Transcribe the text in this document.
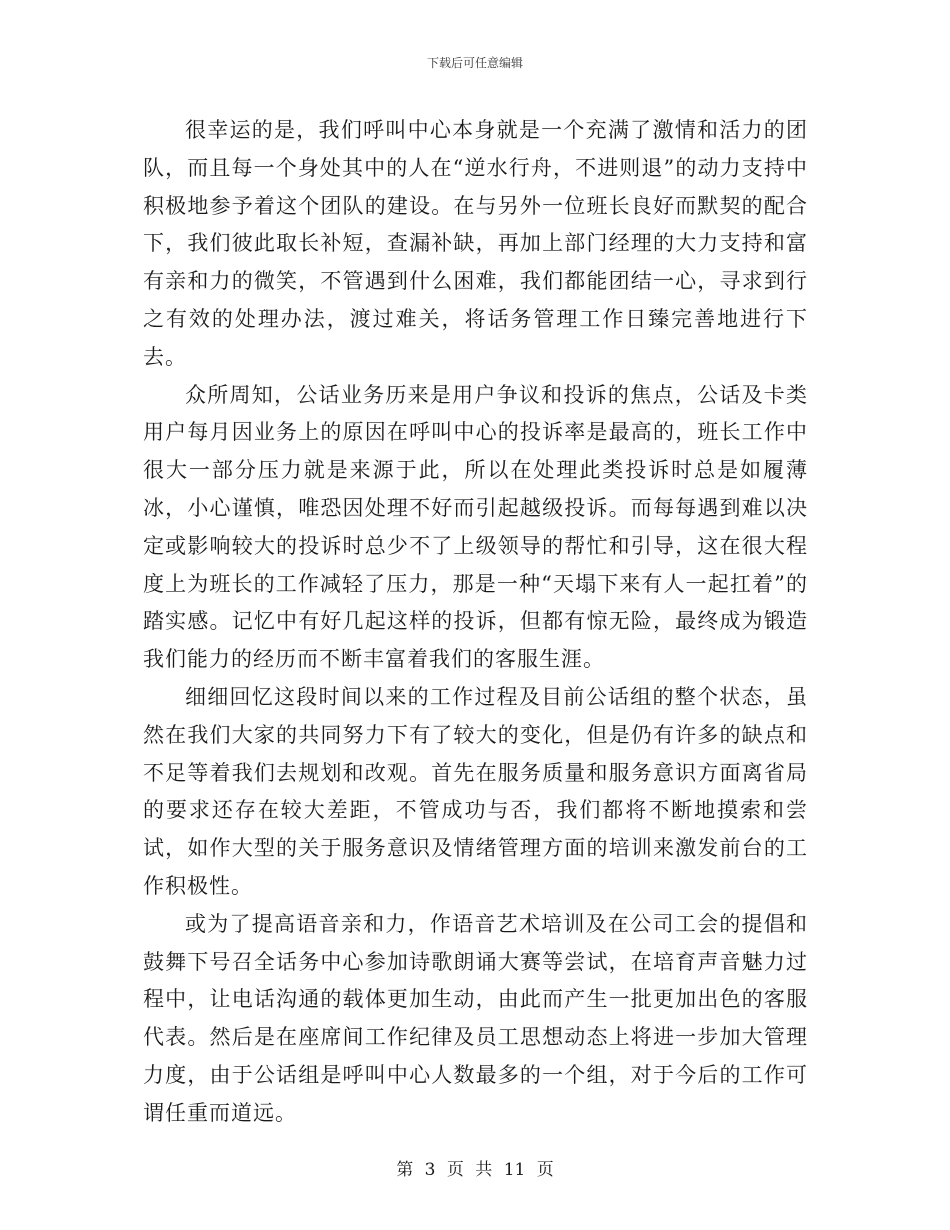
下载后可任意编辑

很幸运的是，我们呼叫中心本身就是一个充满了激情和活力的团队，而且每一个身处其中的人在“逆水行舟，不进则退”的动力支持中积极地参予着这个团队的建设。在与另外一位班长良好而默契的配合下，我们彼此取长补短，查漏补缺，再加上部门经理的大力支持和富有亲和力的微笑，不管遇到什么困难，我们都能团结一心，寻求到行之有效的处理办法，渡过难关，将话务管理工作日臻完善地进行下去。

众所周知，公话业务历来是用户争议和投诉的焦点，公话及卡类用户每月因业务上的原因在呼叫中心的投诉率是最高的，班长工作中很大一部分压力就是来源于此，所以在处理此类投诉时总是如履薄冰，小心谨慎，唯恐因处理不好而引起越级投诉。而每每遇到难以决定或影响较大的投诉时总少不了上级领导的帮忙和引导，这在很大程度上为班长的工作减轻了压力，那是一种“天塌下来有人一起扛着”的踏实感。记忆中有好几起这样的投诉，但都有惊无险，最终成为锻造我们能力的经历而不断丰富着我们的客服生涯。

细细回忆这段时间以来的工作过程及目前公话组的整个状态，虽然在我们大家的共同努力下有了较大的变化，但是仍有许多的缺点和不足等着我们去规划和改观。首先在服务质量和服务意识方面离省局的要求还存在较大差距，不管成功与否，我们都将不断地摸索和尝试，如作大型的关于服务意识及情绪管理方面的培训来激发前台的工作积极性。

或为了提高语音亲和力，作语音艺术培训及在公司工会的提倡和鼓舞下号召全话务中心参加诗歌朗诵大赛等尝试，在培育声音魅力过程中，让电话沟通的载体更加生动，由此而产生一批更加出色的客服代表。然后是在座席间工作纪律及员工思想动态上将进一步加大管理力度，由于公话组是呼叫中心人数最多的一个组，对于今后的工作可谓任重而道远。

第 3 页 共 11 页
